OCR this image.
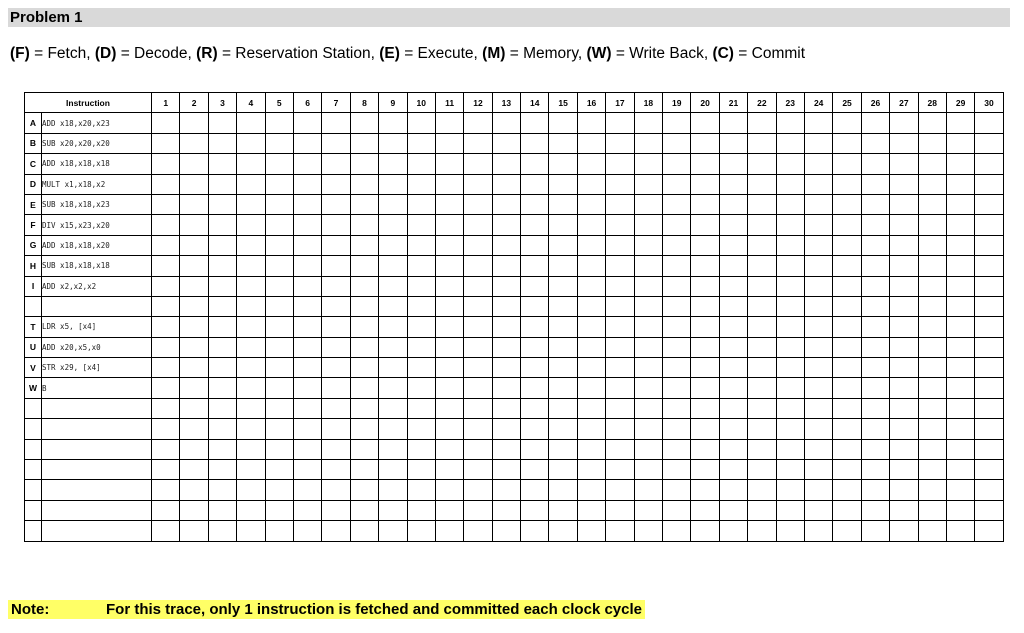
Problem 1
(F) = Fetch, (D) = Decode, (R) = Reservation Station, (E) = Execute, (M) = Memory, (W) = Write Back, (C) = Commit
Instruction		1	2	3	4	5	6	7	8	9	10	11	12	13	14	15	16	17	18	19	20	21	22	23	24	25	26	27	28	29	30
A	ADD x18,x20,x23																														
B	SUB x20,x20,x20																														
C	ADD x18,x18,x18																														
D	MULT x1,x18,x2																														
E	SUB x18,x18,x23																														
F	DIV x15,x23,x20																														
G	ADD x18,x18,x20																														
H	SUB x18,x18,x18																														
I	ADD x2,x2,x2																														

T	LDR x5, [x4]																														
U	ADD x20,x5,x0																														
V	STR x29, [x4]																														
W	B																														

Note:	For this trace, only 1 instruction is fetched and committed each clock cycle
